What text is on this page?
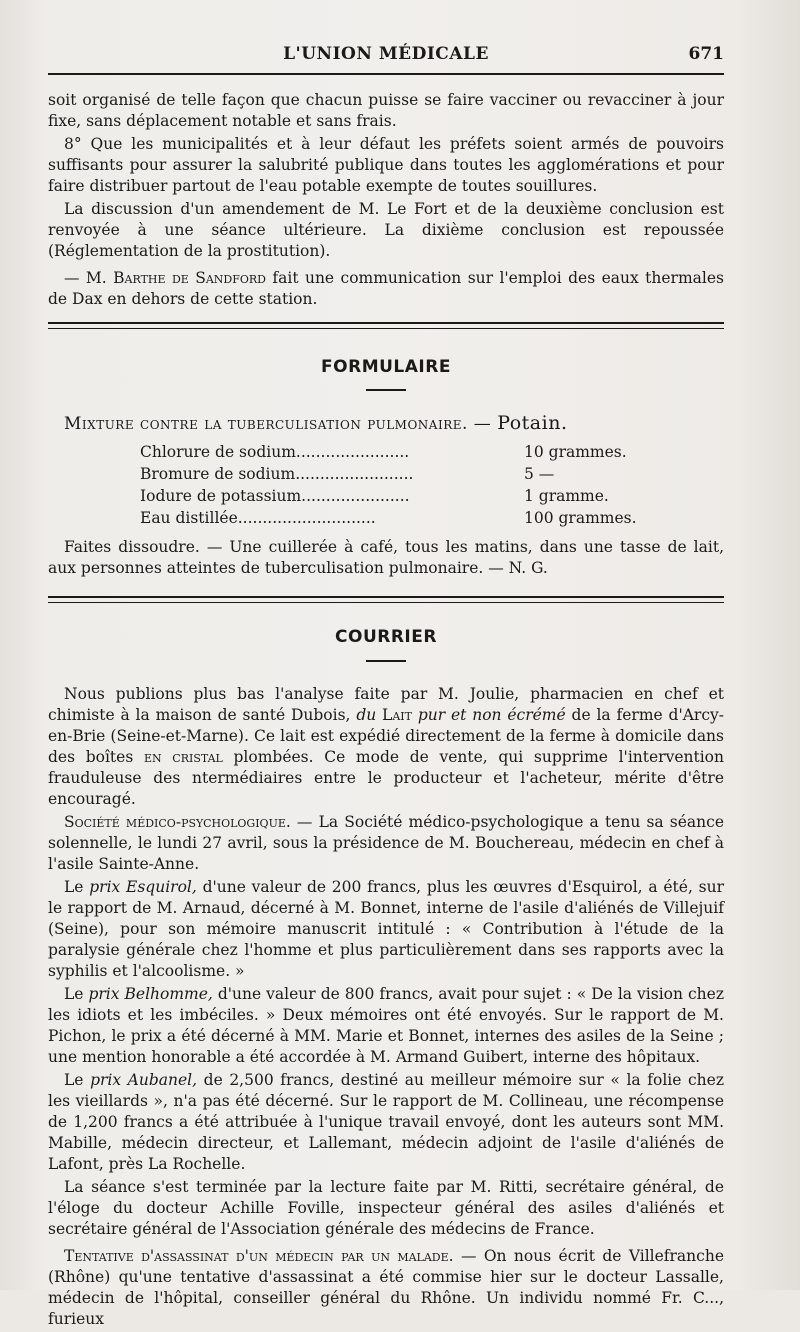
L'UNION MÉDICALE	671

soit organisé de telle façon que chacun puisse se faire vacciner ou revacciner à jour fixe, sans déplacement notable et sans frais.

8° Que les municipalités et à leur défaut les préfets soient armés de pouvoirs suffisants pour assurer la salubrité publique dans toutes les agglomérations et pour faire distribuer partout de l'eau potable exempte de toutes souillures.

La discussion d'un amendement de M. Le Fort et de la deuxième conclusion est renvoyée à une séance ultérieure. La dixième conclusion est repoussée (Réglementation de la prostitution).

— M. Barthe de Sandford fait une communication sur l'emploi des eaux thermales de Dax en dehors de cette station.

FORMULAIRE
Mixture contre la tuberculisation pulmonaire. — Potain.
Chlorure de sodium.......................	10 grammes.
Bromure de sodium........................	5 —
Iodure de potassium......................	1 gramme.
Eau distillée............................	100 grammes.

Faites dissoudre. — Une cuillerée à café, tous les matins, dans une tasse de lait, aux personnes atteintes de tuberculisation pulmonaire. — N. G.

COURRIER

Nous publions plus bas l'analyse faite par M. Joulie, pharmacien en chef et chimiste à la maison de santé Dubois, du Lait pur et non écrémé de la ferme d'Arcy-en-Brie (Seine-et-Marne). Ce lait est expédié directement de la ferme à domicile dans des boîtes en cristal plombées. Ce mode de vente, qui supprime l'intervention frauduleuse des ntermédiaires entre le producteur et l'acheteur, mérite d'être encouragé.

Société médico-psychologique. — La Société médico-psychologique a tenu sa séance solennelle, le lundi 27 avril, sous la présidence de M. Bouchereau, médecin en chef à l'asile Sainte-Anne.

Le prix Esquirol, d'une valeur de 200 francs, plus les œuvres d'Esquirol, a été, sur le rapport de M. Arnaud, décerné à M. Bonnet, interne de l'asile d'aliénés de Villejuif (Seine), pour son mémoire manuscrit intitulé : « Contribution à l'étude de la paralysie générale chez l'homme et plus particulièrement dans ses rapports avec la syphilis et l'alcoolisme. »

Le prix Belhomme, d'une valeur de 800 francs, avait pour sujet : « De la vision chez les idiots et les imbéciles. » Deux mémoires ont été envoyés. Sur le rapport de M. Pichon, le prix a été décerné à MM. Marie et Bonnet, internes des asiles de la Seine ; une mention honorable a été accordée à M. Armand Guibert, interne des hôpitaux.

Le prix Aubanel, de 2,500 francs, destiné au meilleur mémoire sur « la folie chez les vieillards », n'a pas été décerné. Sur le rapport de M. Collineau, une récompense de 1,200 francs a été attribuée à l'unique travail envoyé, dont les auteurs sont MM. Mabille, médecin directeur, et Lallemant, médecin adjoint de l'asile d'aliénés de Lafont, près La Rochelle.

La séance s'est terminée par la lecture faite par M. Ritti, secrétaire général, de l'éloge du docteur Achille Foville, inspecteur général des asiles d'aliénés et secrétaire général de l'Association générale des médecins de France.

Tentative d'assassinat d'un médecin par un malade. — On nous écrit de Villefranche (Rhône) qu'une tentative d'assassinat a été commise hier sur le docteur Lassalle, médecin de l'hôpital, conseiller général du Rhône. Un individu nommé Fr. C..., furieux
